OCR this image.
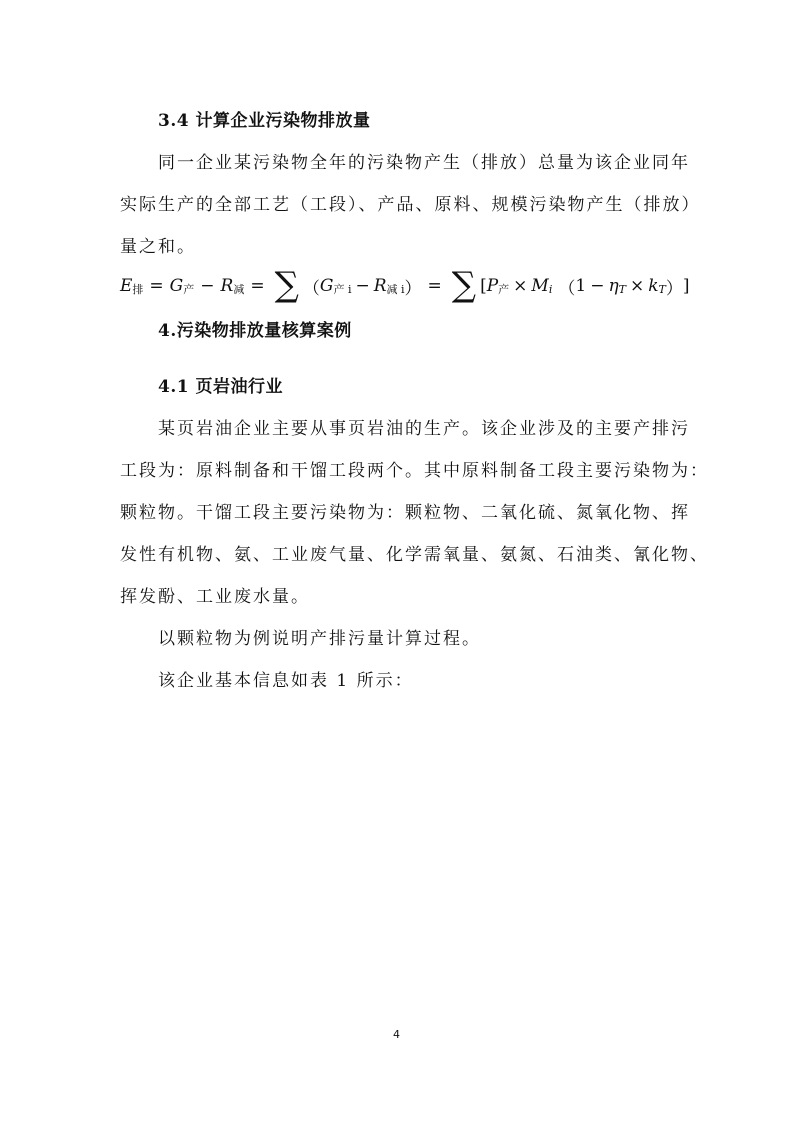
3.4 计算企业污染物排放量
同一企业某污染物全年的污染物产生（排放）总量为该企业同年
实际生产的全部工艺（工段）、产品、原料、规模污染物产生（排放）
量之和。
$E_排 = G_产 - R_减$ = ∑ （ $G_{产 i} - R_{减 i}$ ） = ∑ [ $P_产 \times M_i$ （ $1 - \eta_T \times k_T$ ） ]
4.污染物排放量核算案例
4.1 页岩油行业
某页岩油企业主要从事页岩油的生产。该企业涉及的主要产排污
工段为：原料制备和干馏工段两个。其中原料制备工段主要污染物为：
颗粒物。干馏工段主要污染物为：颗粒物、二氧化硫、氮氧化物、挥
发性有机物、氨、工业废气量、化学需氧量、氨氮、石油类、氰化物、
挥发酚、工业废水量。
以颗粒物为例说明产排污量计算过程。
该企业基本信息如表 1 所示：
4
